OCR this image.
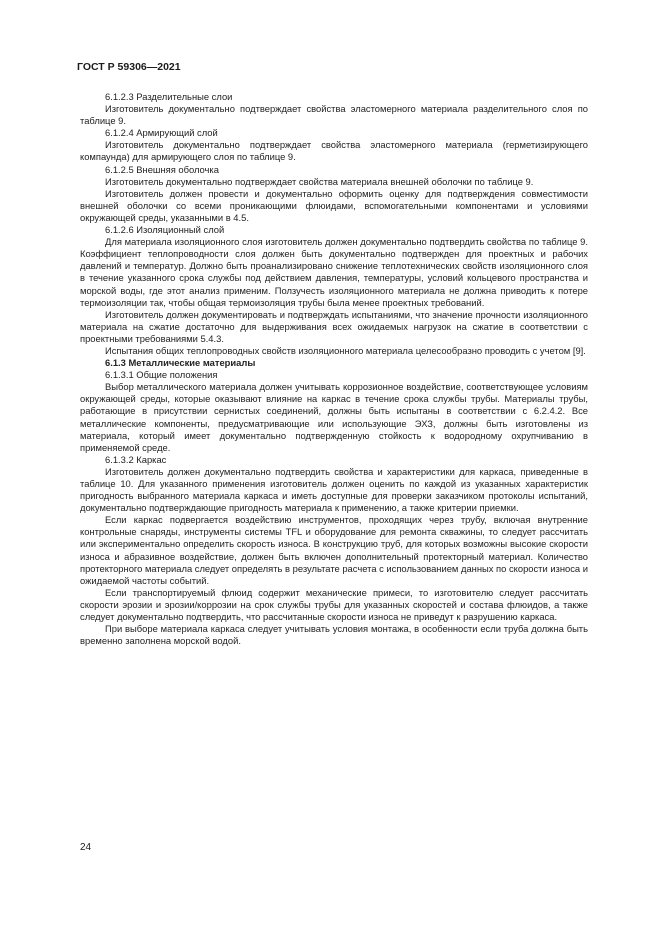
ГОСТ Р 59306—2021

6.1.2.3 Разделительные слои

Изготовитель документально подтверждает свойства эластомерного материала разделительного слоя по таблице 9.

6.1.2.4 Армирующий слой

Изготовитель документально подтверждает свойства эластомерного материала (герметизирующего компаунда) для армирующего слоя по таблице 9.

6.1.2.5 Внешняя оболочка

Изготовитель документально подтверждает свойства материала внешней оболочки по таблице 9.

Изготовитель должен провести и документально оформить оценку для подтверждения совместимости внешней оболочки со всеми проникающими флюидами, вспомогательными компонентами и условиями окружающей среды, указанными в 4.5.

6.1.2.6 Изоляционный слой

Для материала изоляционного слоя изготовитель должен документально подтвердить свойства по таблице 9. Коэффициент теплопроводности слоя должен быть документально подтвержден для проектных и рабочих давлений и температур. Должно быть проанализировано снижение теплотехнических свойств изоляционного слоя в течение указанного срока службы под действием давления, температуры, условий кольцевого пространства и морской воды, где этот анализ применим. Ползучесть изоляционного материала не должна приводить к потере термоизоляции так, чтобы общая термоизоляция трубы была менее проектных требований.

Изготовитель должен документировать и подтверждать испытаниями, что значение прочности изоляционного материала на сжатие достаточно для выдерживания всех ожидаемых нагрузок на сжатие в соответствии с проектными требованиями 5.4.3.

Испытания общих теплопроводных свойств изоляционного материала целесообразно проводить с учетом [9].

6.1.3 Металлические материалы

6.1.3.1 Общие положения

Выбор металлического материала должен учитывать коррозионное воздействие, соответствующее условиям окружающей среды, которые оказывают влияние на каркас в течение срока службы трубы. Материалы трубы, работающие в присутствии сернистых соединений, должны быть испытаны в соответствии с 6.2.4.2. Все металлические компоненты, предусматривающие или использующие ЭХЗ, должны быть изготовлены из материала, который имеет документально подтвержденную стойкость к водородному охрупчиванию в применяемой среде.

6.1.3.2 Каркас

Изготовитель должен документально подтвердить свойства и характеристики для каркаса, приведенные в таблице 10. Для указанного применения изготовитель должен оценить по каждой из указанных характеристик пригодность выбранного материала каркаса и иметь доступные для проверки заказчиком протоколы испытаний, документально подтверждающие пригодность материала к применению, а также критерии приемки.

Если каркас подвергается воздействию инструментов, проходящих через трубу, включая внутренние контрольные снаряды, инструменты системы TFL и оборудование для ремонта скважины, то следует рассчитать или экспериментально определить скорость износа. В конструкцию труб, для которых возможны высокие скорости износа и абразивное воздействие, должен быть включен дополнительный протекторный материал. Количество протекторного материала следует определять в результате расчета с использованием данных по скорости износа и ожидаемой частоты событий.

Если транспортируемый флюид содержит механические примеси, то изготовителю следует рассчитать скорости эрозии и эрозии/коррозии на срок службы трубы для указанных скоростей и состава флюидов, а также следует документально подтвердить, что рассчитанные скорости износа не приведут к разрушению каркаса.

При выборе материала каркаса следует учитывать условия монтажа, в особенности если труба должна быть временно заполнена морской водой.

24
